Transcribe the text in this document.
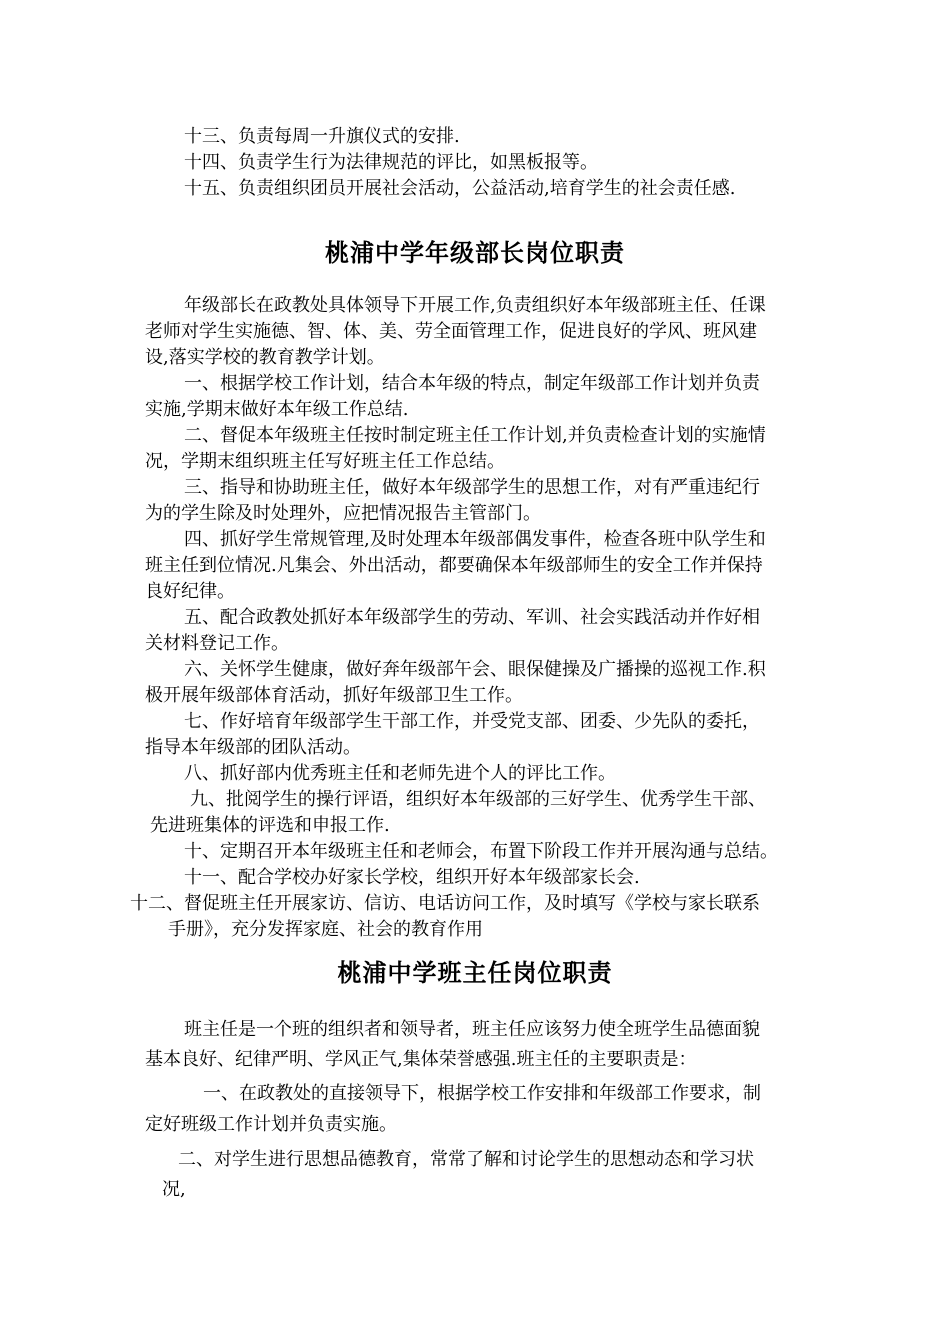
十三、负责每周一升旗仪式的安排.
十四、负责学生行为法律规范的评比，如黑板报等。
十五、负责组织团员开展社会活动，公益活动,培育学生的社会责任感.
桃浦中学年级部长岗位职责
年级部长在政教处具体领导下开展工作,负责组织好本年级部班主任、任课
老师对学生实施德、智、体、美、劳全面管理工作，促进良好的学风、班风建
设,落实学校的教育教学计划。
一、根据学校工作计划，结合本年级的特点，制定年级部工作计划并负责
实施,学期末做好本年级工作总结.
二、督促本年级班主任按时制定班主任工作计划,并负责检查计划的实施情
况，学期末组织班主任写好班主任工作总结。
三、指导和协助班主任，做好本年级部学生的思想工作，对有严重违纪行
为的学生除及时处理外，应把情况报告主管部门。
四、抓好学生常规管理,及时处理本年级部偶发事件，检查各班中队学生和
班主任到位情况.凡集会、外出活动，都要确保本年级部师生的安全工作并保持
良好纪律。
五、配合政教处抓好本年级部学生的劳动、军训、社会实践活动并作好相
关材料登记工作。
六、关怀学生健康，做好奔年级部午会、眼保健操及广播操的巡视工作.积
极开展年级部体育活动，抓好年级部卫生工作。
七、作好培育年级部学生干部工作，并受党支部、团委、少先队的委托，
指导本年级部的团队活动。
八、抓好部内优秀班主任和老师先进个人的评比工作。
九、批阅学生的操行评语，组织好本年级部的三好学生、优秀学生干部、
先进班集体的评选和申报工作.
十、定期召开本年级班主任和老师会，布置下阶段工作并开展沟通与总结。
十一、配合学校办好家长学校，组织开好本年级部家长会.
十二、督促班主任开展家访、信访、电话访问工作，及时填写《学校与家长联系
手册》，充分发挥家庭、社会的教育作用
桃浦中学班主任岗位职责
班主任是一个班的组织者和领导者，班主任应该努力使全班学生品德面貌
基本良好、纪律严明、学风正气,集体荣誉感强.班主任的主要职责是：
一、在政教处的直接领导下，根据学校工作安排和年级部工作要求，制
定好班级工作计划并负责实施。
二、对学生进行思想品德教育，常常了解和讨论学生的思想动态和学习状
况,
